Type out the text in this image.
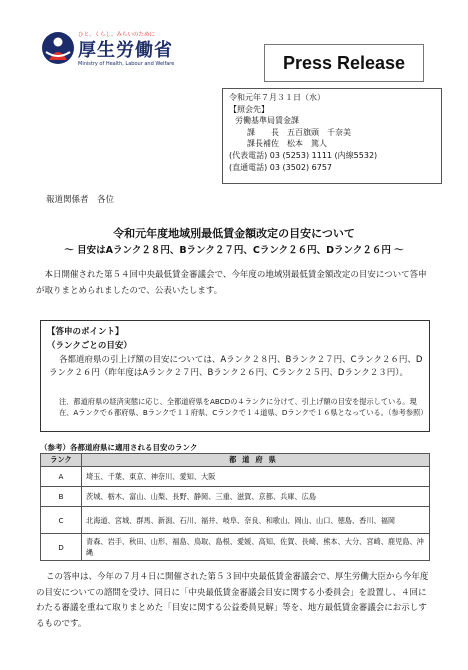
ひと、くらし、みらいのために
厚生労働省
Ministry of Health, Labour and Welfare	Press Release
令和元年７月３１日（水）
【照会先】
労働基準局賃金課
課　　長　五百旗頭　千奈美
課長補佐　松本　篤人
(代表電話) 03 (5253) 1111 (内線5532)
(直通電話) 03 (3502) 6757
報道関係者　各位
令和元年度地域別最低賃金額改定の目安について
～ 目安はAランク２８円、Bランク２７円、Cランク２６円、Dランク２６円 ～
本日開催された第５４回中央最低賃金審議会で、今年度の地域別最低賃金額改定の目安について答申が取りまとめられましたので、公表いたします。
【答申のポイント】
（ランクごとの目安）
各都道府県の引上げ額の目安については、Aランク２８円、Bランク２７円、Cランク２６円、Dランク２６円（昨年度はAランク２７円、Bランク２６円、Cランク２５円、Dランク２３円）。
注．都道府県の経済実態に応じ、全都道府県をABCDの４ランクに分けて、引上げ額の目安を提示している。現在、Aランクで６都府県、Bランクで１１府県、Cランクで１４道県、Dランクで１６県となっている。（参考参照）
（参考）各都道府県に適用される目安のランク
ランク	都道府県
A	埼玉、千葉、東京、神奈川、愛知、大阪
B	茨城、栃木、富山、山梨、長野、静岡、三重、滋賀、京都、兵庫、広島
C	北海道、宮城、群馬、新潟、石川、福井、岐阜、奈良、和歌山、岡山、山口、徳島、香川、福岡
D	青森、岩手、秋田、山形、福島、鳥取、島根、愛媛、高知、佐賀、長崎、熊本、大分、宮崎、鹿児島、沖縄
この答申は、今年の７月４日に開催された第５３回中央最低賃金審議会で、厚生労働大臣から今年度の目安についての諮問を受け、同日に「中央最低賃金審議会目安に関する小委員会」を設置し、４回にわたる審議を重ねて取りまとめた「目安に関する公益委員見解」等を、地方最低賃金審議会にお示しするものです。
